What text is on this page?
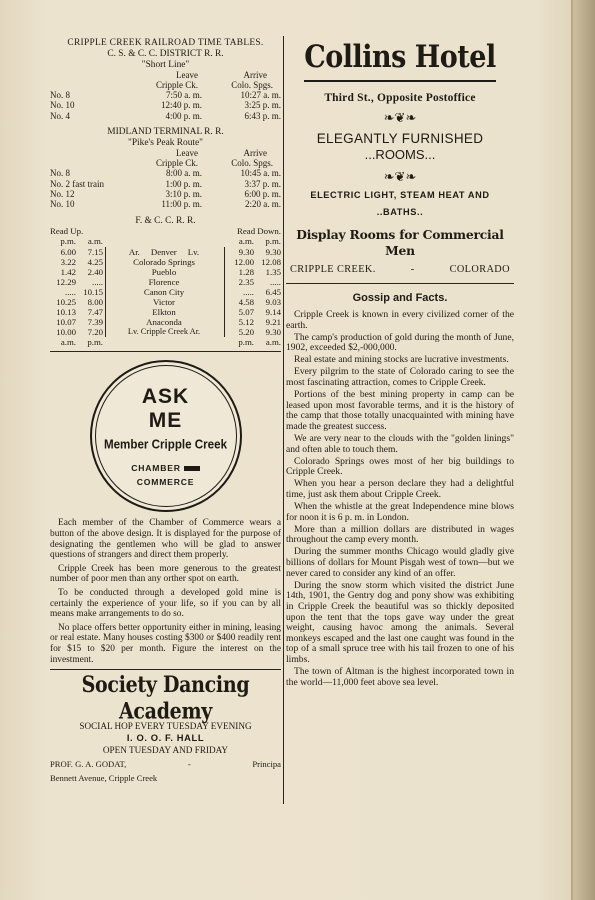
CRIPPLE CREEK RAILROAD TIME TABLES.

C. S. & C. C. DISTRICT R. R.

"Short Line"

Leave	Arrive
Cripple Ck.	Colo. Spgs.
No. 8	7:50 a. m.	10:27 a. m.
No. 10	12:40 p. m.	3:25 p. m.
No. 4	4:00 p. m.	6:43 p. m.

MIDLAND TERMINAL R. R.

"Pike's Peak Route"

Leave	Arrive
Cripple Ck.	Colo. Spgs.
No. 8	8:00 a. m.	10:45 a. m.
No. 2 fast train	1:00 p. m.	3:37 p. m.
No. 12	3:10 p. m.	6:00 p. m.
No. 10	11:00 p. m.	2:20 a. m.

F. & C. C. R. R.

Read Up.	Read Down.
p.m.	a.m.	a.m.	p.m.
6.00	7.15	Ar.     Denver     Lv.	9.30	9.30
3.22	4.25	Colorado Springs	12.00 12.08
1.42	2.40	Pueblo	1.28	1.35
12.29	.....	Florence	2.35	.....
..... 10.15	Canon City	.....	6.45
10.25	8.00	Victor	4.58	9.03
10.13	7.47	Elkton	5.07	9.14
10.07	7.39	Anaconda	5.12	9.21
10.00	7.20	Lv. Cripple Creek Ar.	5.20	9.30
a.m.	p.m.	p.m.	a.m.
ASK
ME
Member Cripple Creek
CHAMBER
COMMERCE

Each member of the Chamber of Commerce wears a button of the above design. It is displayed for the purpose of designating the gentlemen who will be glad to answer questions of strangers and direct them properly.

Cripple Creek has been more generous to the greatest number of poor men than any orther spot on earth.

To be conducted through a developed gold mine is certainly the experience of your life, so if you can by all means make arrangements to do so.

No place offers better opportunity either in mining, leasing or real estate. Many houses costing $300 or $400 readily rent for $15 to $20 per month. Figure the interest on the investment.

Society Dancing Academy
SOCIAL HOP EVERY TUESDAY EVENING
I. O. O. F. HALL
OPEN TUESDAY AND FRIDAY
PROF. G. A. GODAT,	-	Principa
Bennett Avenue, Cripple Creek
Collins Hotel
Third St., Opposite Postoffice
❧❦❧
ELEGANTLY FURNISHED
...ROOMS...
❧❦❧
ELECTRIC LIGHT, STEAM HEAT AND
..BATHS..
Display Rooms for Commercial Men
CRIPPLE CREEK.	-	COLORADO
Gossip and Facts.

Cripple Creek is known in every civilized corner of the earth.

The camp's production of gold during the month of June, 1902, exceeded $2,-000,000.

Real estate and mining stocks are lucrative investments.

Every pilgrim to the state of Colorado caring to see the most fascinating attraction, comes to Cripple Creek.

Portions of the best mining property in camp can be leased upon most favorable terms, and it is the history of the camp that those totally unacquainted with mining have made the greatest success.

We are very near to the clouds with the "golden linings" and often able to touch them.

Colorado Springs owes most of her big buildings to Cripple Creek.

When you hear a person declare they had a delightful time, just ask them about Cripple Creek.

When the whistle at the great Independence mine blows for noon it is 6 p. m. in London.

More than a million dollars are distributed in wages throughout the camp every month.

During the summer months Chicago would gladly give billions of dollars for Mount Pisgah west of town—but we never cared to consider any kind of an offer.

During the snow storm which visited the district June 14th, 1901, the Gentry dog and pony show was exhibiting in Cripple Creek the beautiful was so thickly deposited upon the tent that the tops gave way under the great weight, causing havoc among the animals. Several monkeys escaped and the last one caught was found in the top of a small spruce tree with his tail frozen to one of his limbs.

The town of Altman is the highest incorporated town in the world—11,000 feet above sea level.
